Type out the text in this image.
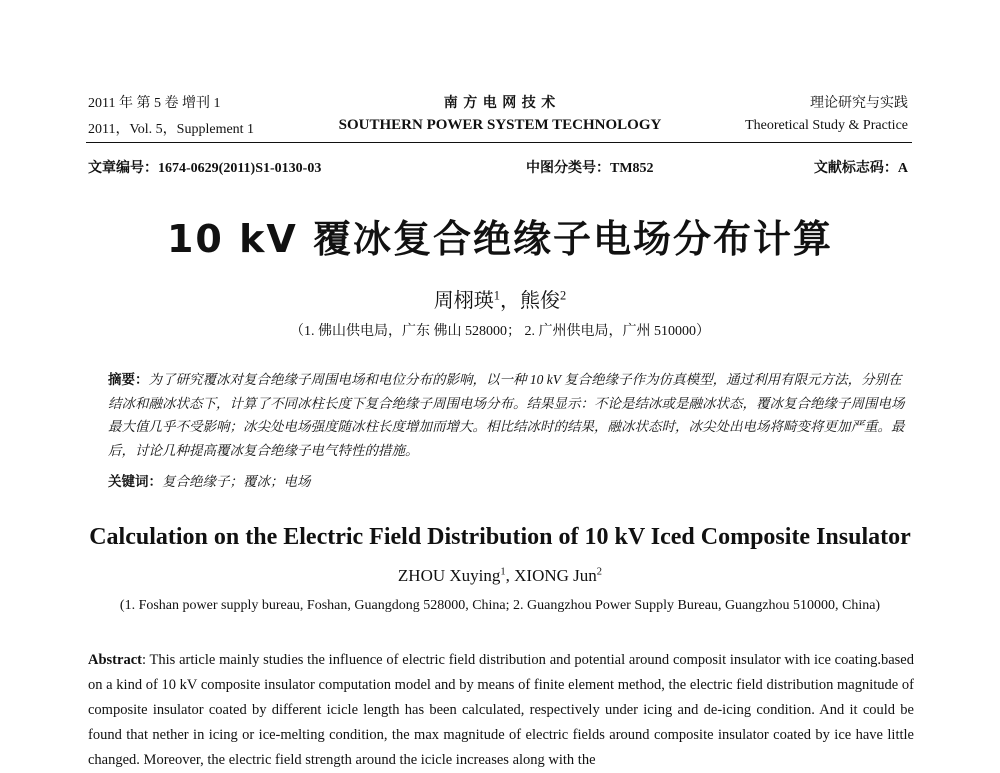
2011 年 第 5 卷 增刊 1	南 方 电 网 技 术	理论研究与实践
2011，Vol. 5，Supplement 1	SOUTHERN POWER SYSTEM TECHNOLOGY	Theoretical Study & Practice
文章编号：1674-0629(2011)S1-0130-03	中图分类号：TM852	文献标志码：A
10 kV 覆冰复合绝缘子电场分布计算
周栩瑛$^1$，熊俊$^2$
（1. 佛山供电局，广东 佛山 528000； 2. 广州供电局，广州 510000）
摘要：为了研究覆冰对复合绝缘子周围电场和电位分布的影响，以一种 10 kV 复合绝缘子作为仿真模型，通过利用有限元方法，分别在结冰和融冰状态下，计算了不同冰柱长度下复合绝缘子周围电场分布。结果显示：不论是结冰或是融冰状态，覆冰复合绝缘子周围电场最大值几乎不受影响；冰尖处电场强度随冰柱长度增加而增大。相比结冰时的结果，融冰状态时，冰尖处出电场将畸变将更加严重。最后，讨论几种提高覆冰复合绝缘子电气特性的措施。
关键词：复合绝缘子；覆冰；电场
Calculation on the Electric Field Distribution of 10 kV Iced Composite Insulator
ZHOU Xuying$^1$, XIONG Jun$^2$
(1. Foshan power supply bureau, Foshan, Guangdong 528000, China; 2. Guangzhou Power Supply Bureau, Guangzhou 510000, China)
Abstract: This article mainly studies the influence of electric field distribution and potential around composit insulator with ice coating.based on a kind of 10 kV composite insulator computation model and by means of finite element method, the electric field distribution magnitude of composite insulator coated by different icicle length has been calculated, respectively under icing and de-icing condition. And it could be found that nether in icing or ice-melting condition, the max magnitude of electric fields around composite insulator coated by ice have little changed. Moreover, the electric field strength around the icicle increases along with the
